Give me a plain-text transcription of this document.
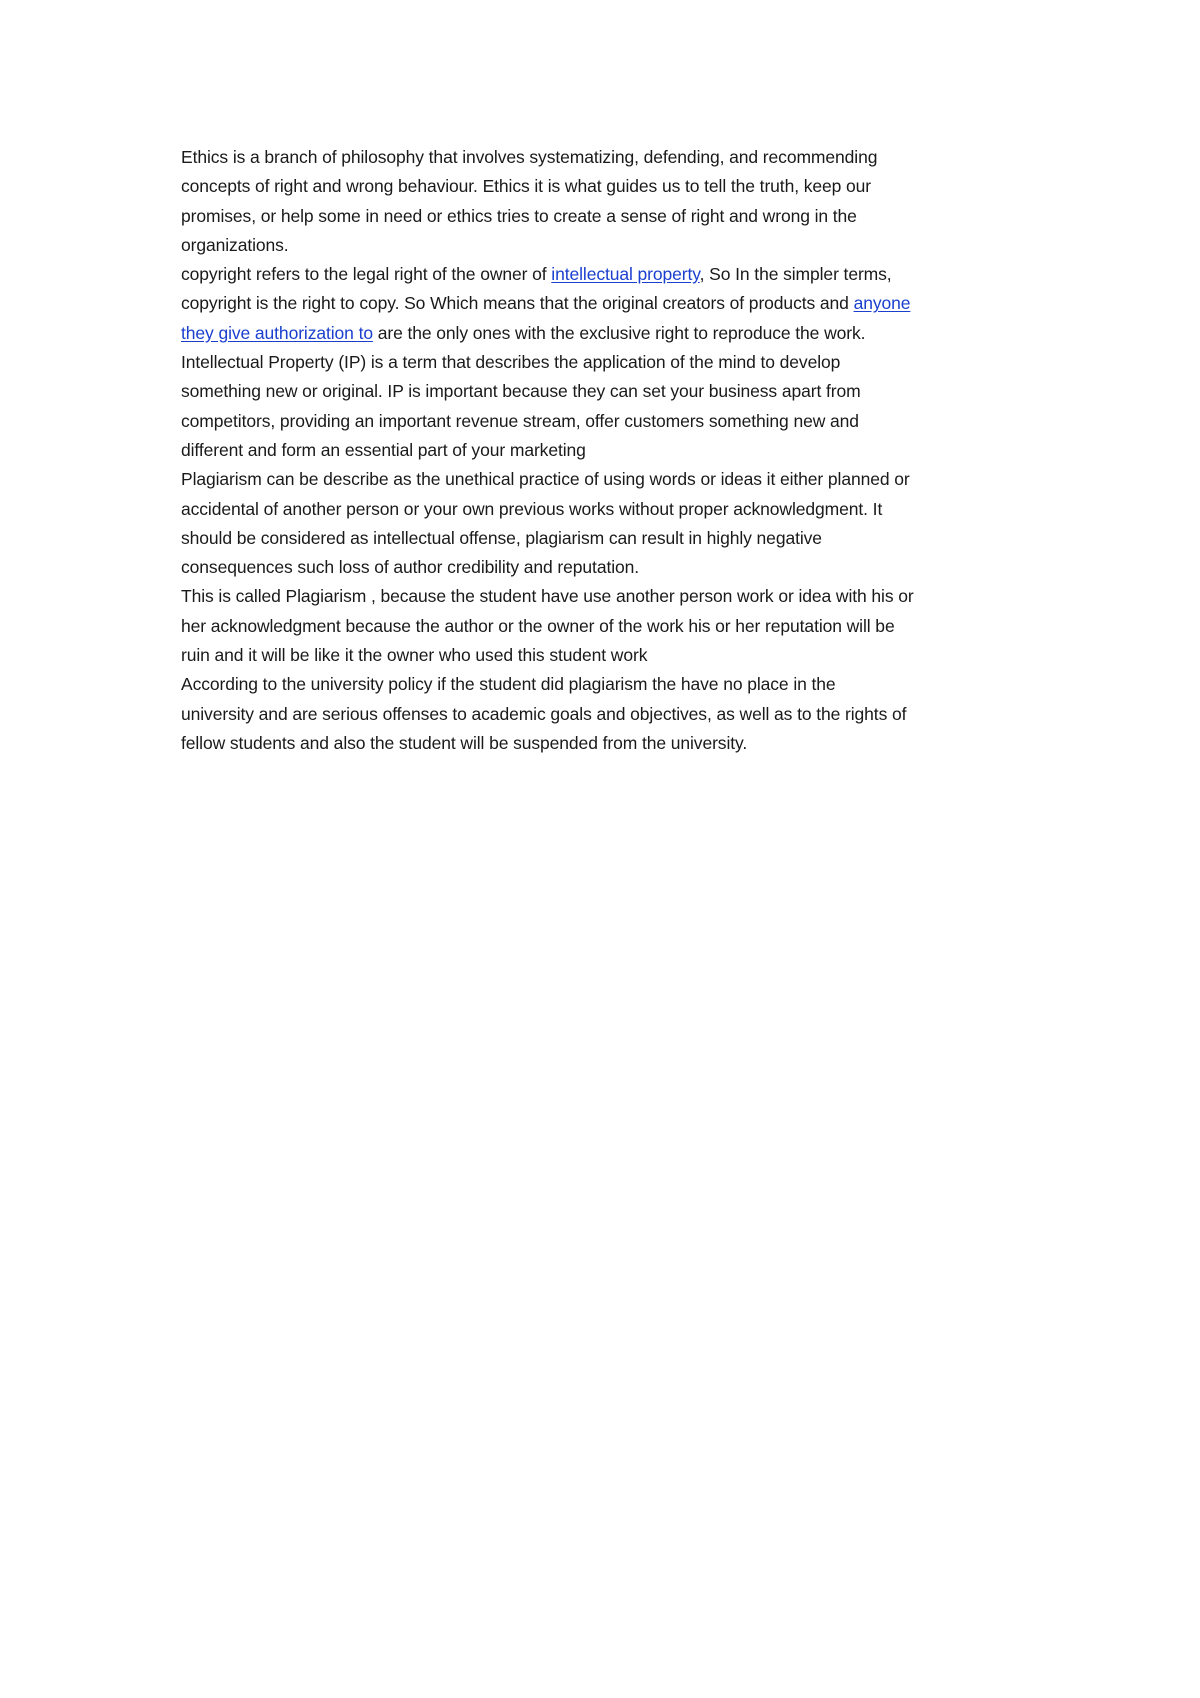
Ethics is a branch of philosophy that involves systematizing, defending, and recommending
concepts of right and wrong behaviour. Ethics it is what guides us to tell the truth, keep our
promises, or help some in need or ethics tries to create a sense of right and wrong in the
organizations.
copyright refers to the legal right of the owner of intellectual property, So In the simpler terms,
copyright is the right to copy. So Which means that the original creators of products and anyone
they give authorization to are the only ones with the exclusive right to reproduce the work.
Intellectual Property (IP) is a term that describes the application of the mind to develop
something new or original. IP is important because they can set your business apart from
competitors, providing an important revenue stream, offer customers something new and
different and form an essential part of your marketing
Plagiarism can be describe as the unethical practice of using words or ideas it either planned or
accidental of another person or your own previous works without proper acknowledgment. It
should be considered as intellectual offense, plagiarism can result in highly negative
consequences such loss of author credibility and reputation.
This is called Plagiarism , because the student have use another person work or idea with his or
her acknowledgment because the author or the owner of the work his or her reputation will be
ruin and it will be like it the owner who used this student work
According to the university policy if the student did plagiarism the have no place in the
university and are serious offenses to academic goals and objectives, as well as to the rights of
fellow students and also the student will be suspended from the university.
